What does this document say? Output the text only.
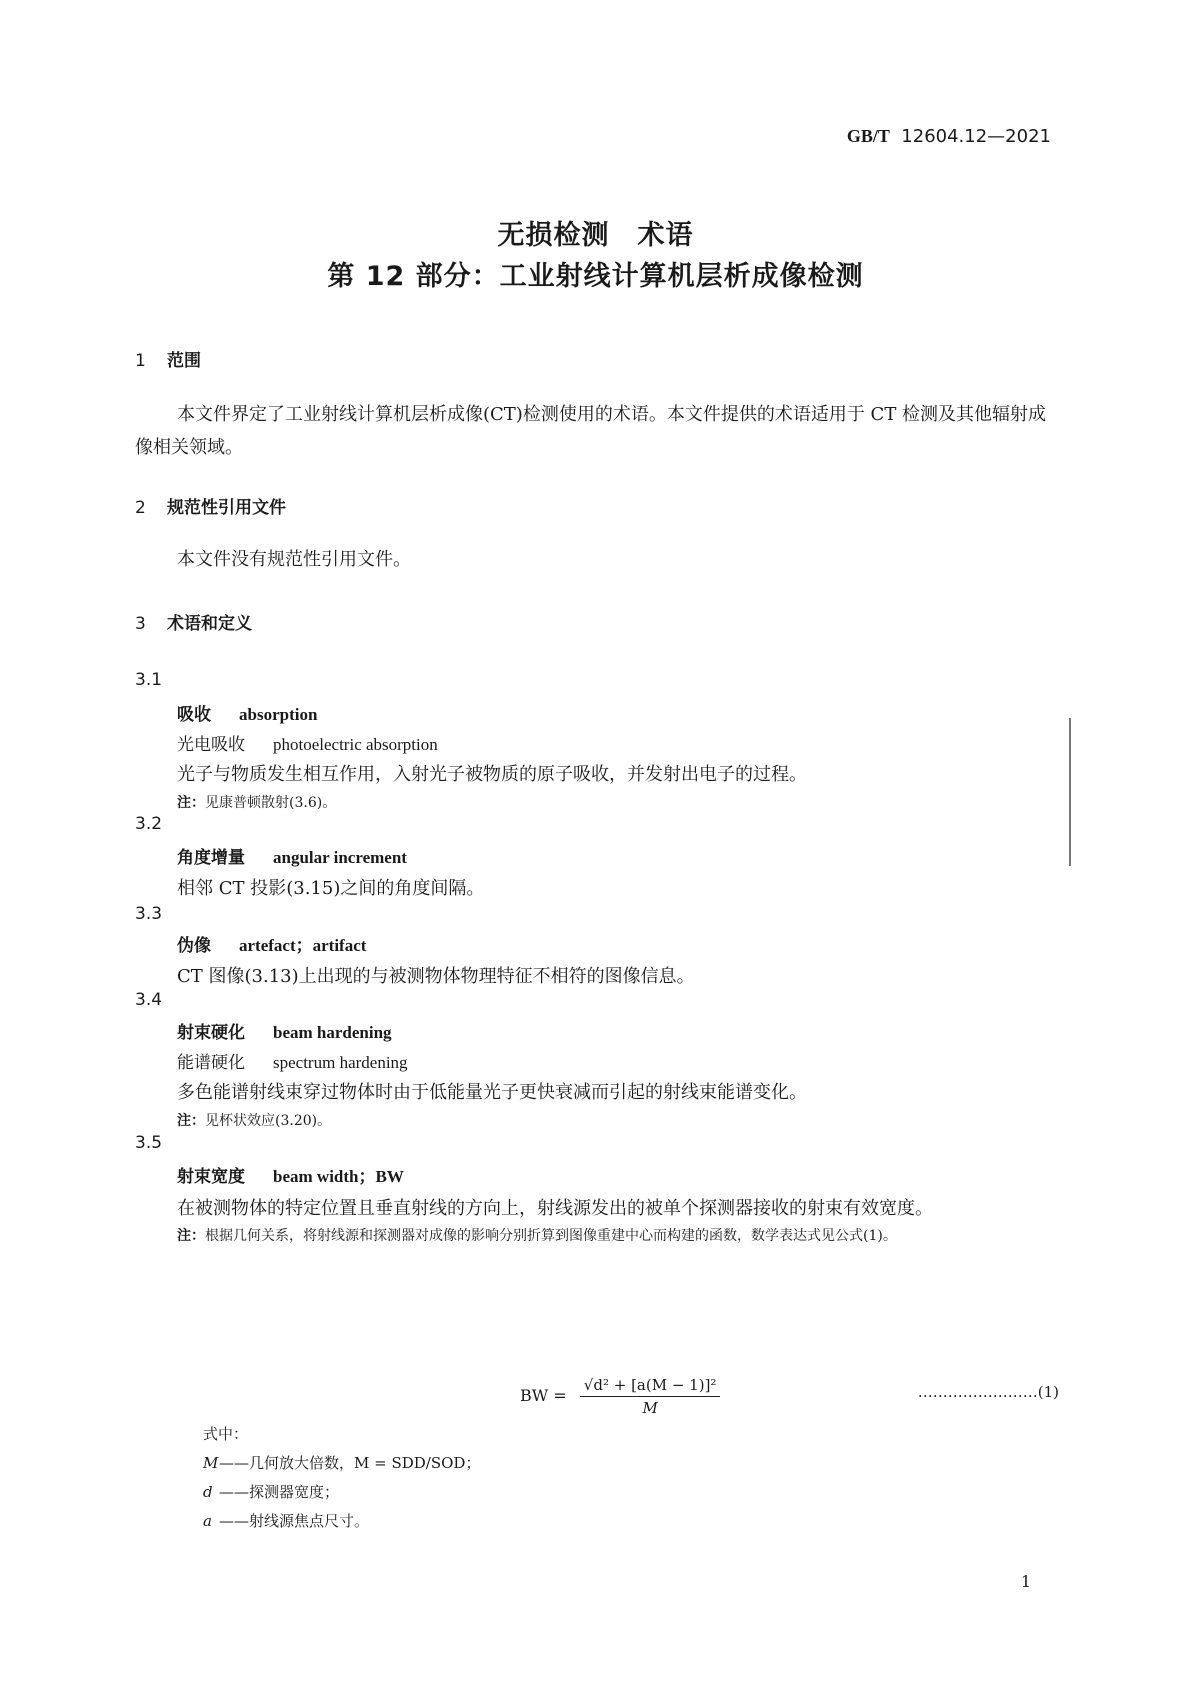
GB/T 12604.12—2021
无损检测　术语
第 12 部分：工业射线计算机层析成像检测
1 范围
本文件界定了工业射线计算机层析成像(CT)检测使用的术语。本文件提供的术语适用于 CT 检测及其他辐射成像相关领域。
2 规范性引用文件
本文件没有规范性引用文件。
3 术语和定义
3.1
吸收 absorption
光电吸收 photoelectric absorption
光子与物质发生相互作用，入射光子被物质的原子吸收，并发射出电子的过程。
注：见康普顿散射(3.6)。
3.2
角度增量 angular increment
相邻 CT 投影(3.15)之间的角度间隔。
3.3
伪像 artefact；artifact
CT 图像(3.13)上出现的与被测物体物理特征不相符的图像信息。
3.4
射束硬化 beam hardening
能谱硬化 spectrum hardening
多色能谱射线束穿过物体时由于低能量光子更快衰减而引起的射线束能谱变化。
注：见杯状效应(3.20)。
3.5
射束宽度 beam width；BW
在被测物体的特定位置且垂直射线的方向上，射线源发出的被单个探测器接收的射束有效宽度。
注：根据几何关系，将射线源和探测器对成像的影响分别折算到图像重建中心而构建的函数，数学表达式见公式(1)。
BW = $\frac{\text{√d² + [a(M − 1)]²}}{M}$	……………………(1)
式中：
M——几何放大倍数，M = SDD/SOD；
d ——探测器宽度；
a ——射线源焦点尺寸。
1
